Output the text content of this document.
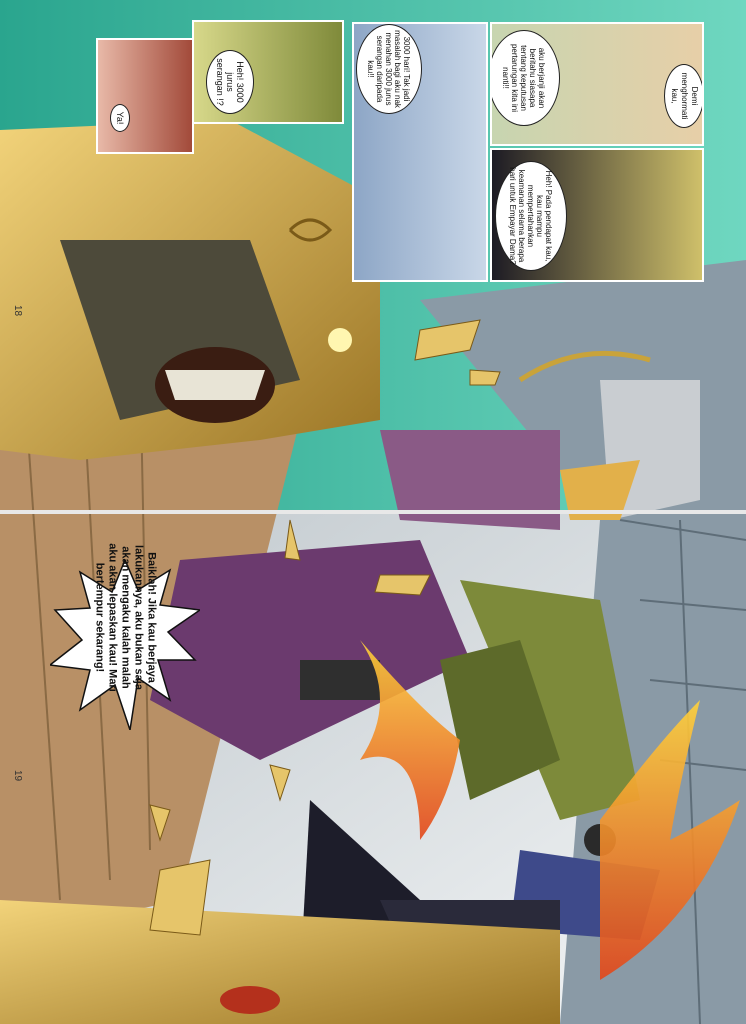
Ya!
Heh! 3000 jurus serangan !?	3000 hari! Tak jadi masalah bagi aku nak menahan 3000 jurus serangan daripada kau!!
Demi menghormati kau,
aku berjanji akan beritahu siasapa tentang keputusan pertarungan kita ini nanti!!
Heh! Pada pendapat kau, kau mampu mempertahankan keamanan selama berapa hari untuk Empayar Dama?
Baiklah! Jika kau berjaya lakukannya, aku bukan saja akan mengaku kalah malah aku akan lepaskan kau! Mari bertempur sekarang!
18
19
